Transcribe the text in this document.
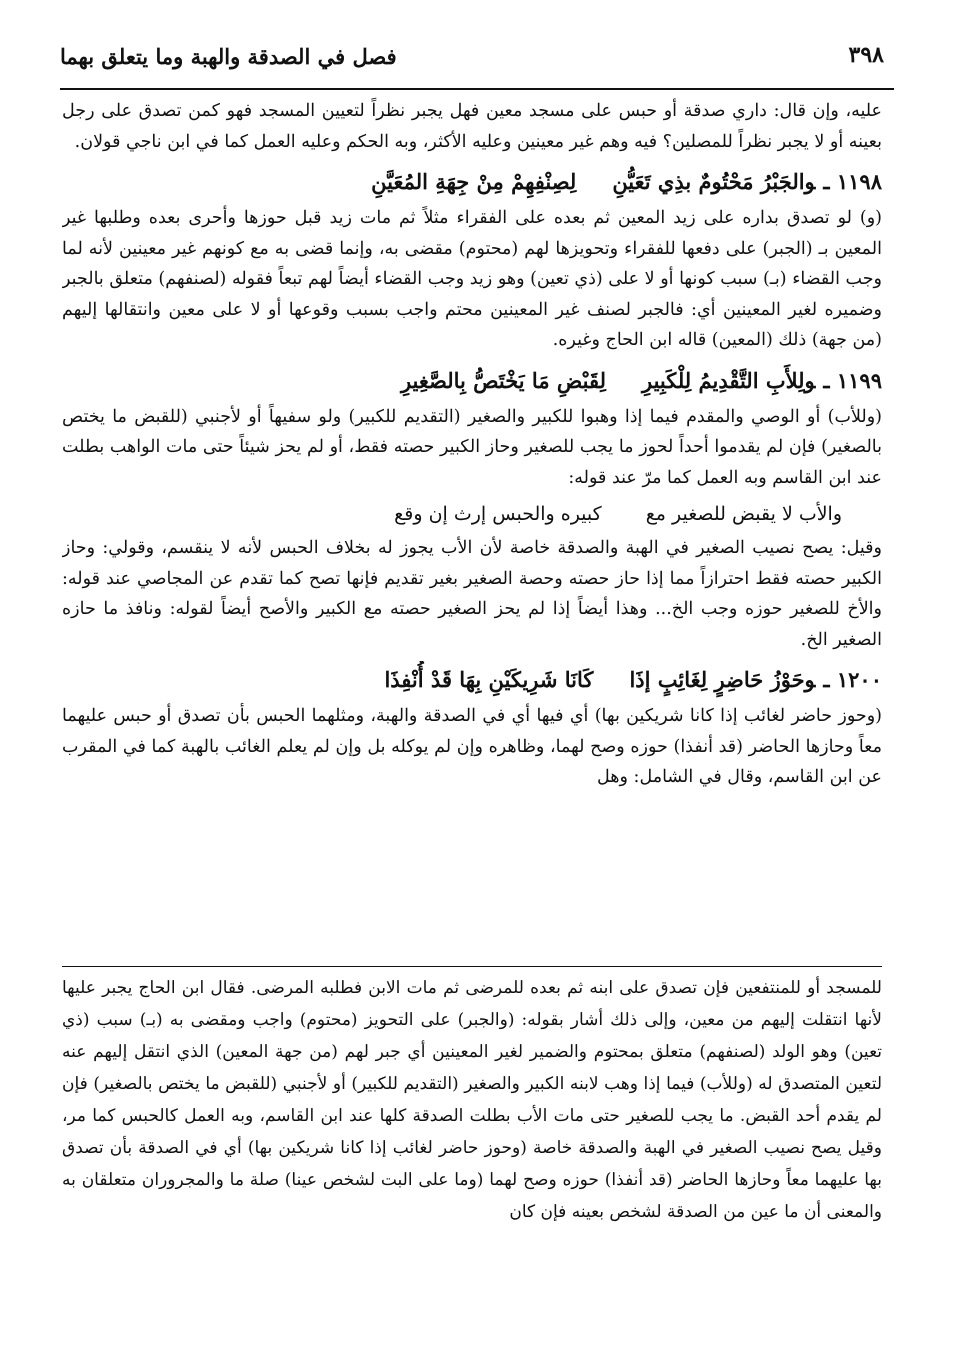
٣٩٨
فصل في الصدقة والهبة وما يتعلق بهما

عليه، وإن قال: داري صدقة أو حبس على مسجد معين فهل يجبر نظراً لتعيين المسجد فهو كمن تصدق على رجل بعينه أو لا يجبر نظراً للمصلين؟ فيه وهم غير معينين وعليه الأكثر، وبه الحكم وعليه العمل كما في ابن ناجي قولان.

١١٩٨ ـوالجَبْرُ مَحْتُومٌ بذِي تَعَيُّنِلِصِنْفِهِمْ مِنْ جِهَةِ المُعَيَّنِ

(و) لو تصدق بداره على زيد المعين ثم بعده على الفقراء مثلاً ثم مات زيد قبل حوزها وأحرى بعده وطلبها غير المعين بـ (الجبر) على دفعها للفقراء وتحويزها لهم (محتوم) مقضى به، وإنما قضى به مع كونهم غير معينين لأنه لما وجب القضاء (بـ) سبب كونها أو لا على (ذي تعين) وهو زيد وجب القضاء أيضاً لهم تبعاً فقوله (لصنفهم) متعلق بالجبر وضميره لغير المعينين أي: فالجبر لصنف غير المعينين محتم واجب بسبب وقوعها أو لا على معين وانتقالها إليهم (من جهة) ذلك (المعين) قاله ابن الحاج وغيره.

١١٩٩ ـولِلأَبِ التَّقْدِيمُ لِلْكَبِيرِلِقَبْضِ مَا يَخْتَصُّ بِالصَّغِيرِ

(وللأب) أو الوصي والمقدم فيما إذا وهبوا للكبير والصغير (التقديم للكبير) ولو سفيهاً أو لأجنبي (للقبض ما يختص بالصغير) فإن لم يقدموا أحداً لحوز ما يجب للصغير وحاز الكبير حصته فقط، أو لم يحز شيئاً حتى مات الواهب بطلت عند ابن القاسم وبه العمل كما مرّ عند قوله:

والأب لا يقبض للصغير معكبيره والحبس إرث إن وقع

وقيل: يصح نصيب الصغير في الهبة والصدقة خاصة لأن الأب يجوز له بخلاف الحبس لأنه لا ينقسم، وقولي: وحاز الكبير حصته فقط احترازاً مما إذا حاز حصته وحصة الصغير بغير تقديم فإنها تصح كما تقدم عن المجاصي عند قوله: والأخ للصغير حوزه وجب الخ... وهذا أيضاً إذا لم يحز الصغير حصته مع الكبير والأصح أيضاً لقوله: ونافذ ما حازه الصغير الخ.

١٢٠٠ ـوحَوْزُ حَاضِرٍ لِغَائِبٍ إذَاكَانَا شَرِيكَيْنِ بِهَا قَدْ أُنْفِذَا

(وحوز حاضر لغائب إذا كانا شريكين بها) أي فيها أي في الصدقة والهبة، ومثلهما الحبس بأن تصدق أو حبس عليهما معاً وحازها الحاضر (قد أنفذا) حوزه وصح لهما، وظاهره وإن لم يوكله بل وإن لم يعلم الغائب بالهبة كما في المقرب عن ابن القاسم، وقال في الشامل: وهل

للمسجد أو للمنتفعين فإن تصدق على ابنه ثم بعده للمرضى ثم مات الابن فطلبه المرضى. فقال ابن الحاج يجبر عليها لأنها انتقلت إليهم من معين، وإلى ذلك أشار بقوله: (والجبر) على التحويز (محتوم) واجب ومقضى به (بـ) سبب (ذي تعين) وهو الولد (لصنفهم) متعلق بمحتوم والضمير لغير المعينين أي جبر لهم (من جهة المعين) الذي انتقل إليهم عنه لتعين المتصدق له (وللأب) فيما إذا وهب لابنه الكبير والصغير (التقديم للكبير) أو لأجنبي (للقبض ما يختص بالصغير) فإن لم يقدم أحد القبض. ما يجب للصغير حتى مات الأب بطلت الصدقة كلها عند ابن القاسم، وبه العمل كالحبس كما مر، وقيل يصح نصيب الصغير في الهبة والصدقة خاصة (وحوز حاضر لغائب إذا كانا شريكين بها) أي في الصدقة بأن تصدق بها عليهما معاً وحازها الحاضر (قد أنفذا) حوزه وصح لهما (وما على البت لشخص عينا) صلة ما والمجروران متعلقان به والمعنى أن ما عين من الصدقة لشخص بعينه فإن كان
